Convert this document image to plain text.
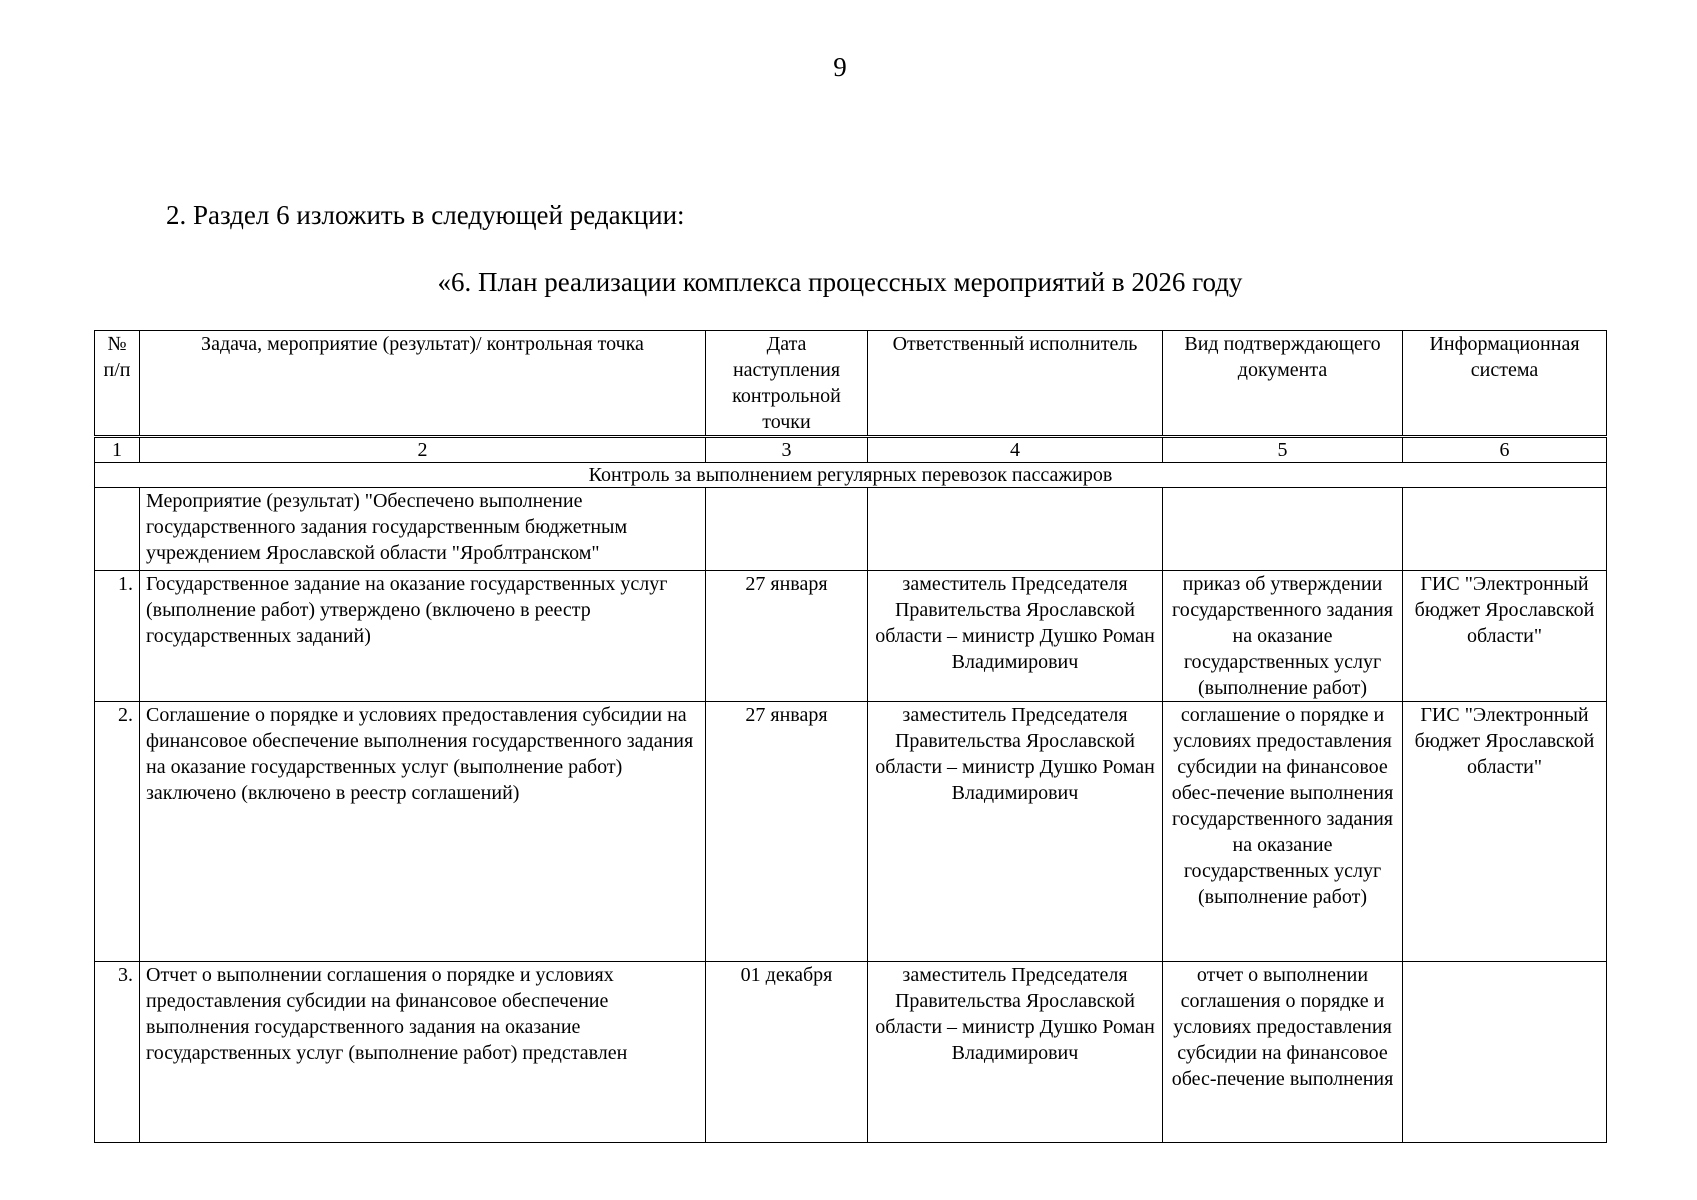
9
2. Раздел 6 изложить в следующей редакции:
«6. План реализации комплекса процессных мероприятий в 2026 году
№ п/п	Задача, мероприятие (результат)/ контрольная точка	Дата наступления контрольной точки	Ответственный исполнитель	Вид подтверждающего документа	Информационная система
1	2	3	4	5	6
Контроль за выполнением регулярных перевозок пассажиров					
	Мероприятие (результат) "Обеспечено выполнение государственного задания государственным бюджетным учреждением Ярославской области "Яроблтранском"				
1.	Государственное задание на оказание государственных услуг (выполнение работ) утверждено (включено в реестр государственных заданий)	27 января	заместитель Председателя Правительства Ярославской области – министр Душко Роман Владимирович	приказ об утверждении государственного задания на оказание государственных услуг (выполнение работ)	ГИС "Электронный бюджет Ярославской области"
2.	Соглашение о порядке и условиях предоставления субсидии на финансовое обеспечение выполнения государственного задания на оказание государственных услуг (выполнение работ) заключено (включено в реестр соглашений)	27 января	заместитель Председателя Правительства Ярославской области – министр Душко Роман Владимирович	соглашение о порядке и условиях предоставления субсидии на финансовое обес-печение выполнения государственного задания на оказание государственных услуг (выполнение работ)	ГИС "Электронный бюджет Ярославской области"
3.	Отчет о выполнении соглашения о порядке и условиях предоставления субсидии на финансовое обеспечение выполнения государственного задания на оказание государственных услуг (выполнение работ) представлен	01 декабря	заместитель Председателя Правительства Ярославской области – министр Душко Роман Владимирович	отчет о выполнении соглашения о порядке и условиях предоставления субсидии на финансовое обес-печение выполнения	
